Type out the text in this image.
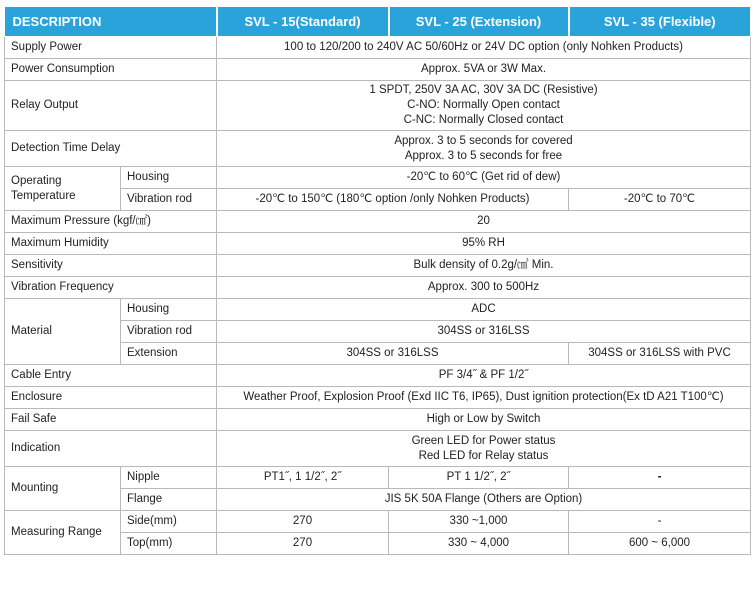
DESCRIPTION		SVL - 15(Standard)	SVL - 25 (Extension)	SVL - 35 (Flexible)
Supply Power		100 to 120/200 to 240V AC 50/60Hz or 24V DC option (only Nohken Products)		
Power Consumption		Approx. 5VA or 3W Max.		
Relay Output		1 SPDT, 250V 3A AC, 30V 3A DC (Resistive)
C-NO: Normally Open contact
C-NC: Normally Closed contact		

Detection Time Delay		Approx. 3 to 5 seconds for covered
Approx. 3 to 5 seconds for free		

Operating Temperature	Housing	-20℃ to 60℃ (Get rid of dew)		
	Vibration rod	-20℃ to 150℃ (180℃ option /only Nohken Products)		-20℃ to 70℃
Maximum Pressure (kgf/㎠)		20		
Maximum Humidity		95% RH		
Sensitivity		Bulk density of 0.2g/㎤ Min.		
Vibration Frequency		Approx. 300 to 500Hz		
Material	Housing	ADC		
	Vibration rod	304SS or 316LSS		
	Extension	304SS or 316LSS		304SS or 316LSS with PVC
Cable Entry		PF 3/4˝ & PF 1/2˝		
Enclosure		Weather Proof, Explosion Proof (Exd IIC T6, IP65), Dust ignition protection(Ex tD A21 T100℃)		
Fail Safe		High or Low by Switch		
Indication		Green LED for Power status
Red LED for Relay status		

Mounting	Nipple	PT1˝, 1 1/2˝, 2˝	PT 1 1/2˝, 2˝	-
	Flange	JIS 5K 50A Flange (Others are Option)		
Measuring Range	Side(mm)	270	330 ~1,000	-
	Top(mm)	270	330 ~ 4,000	600 ~ 6,000
